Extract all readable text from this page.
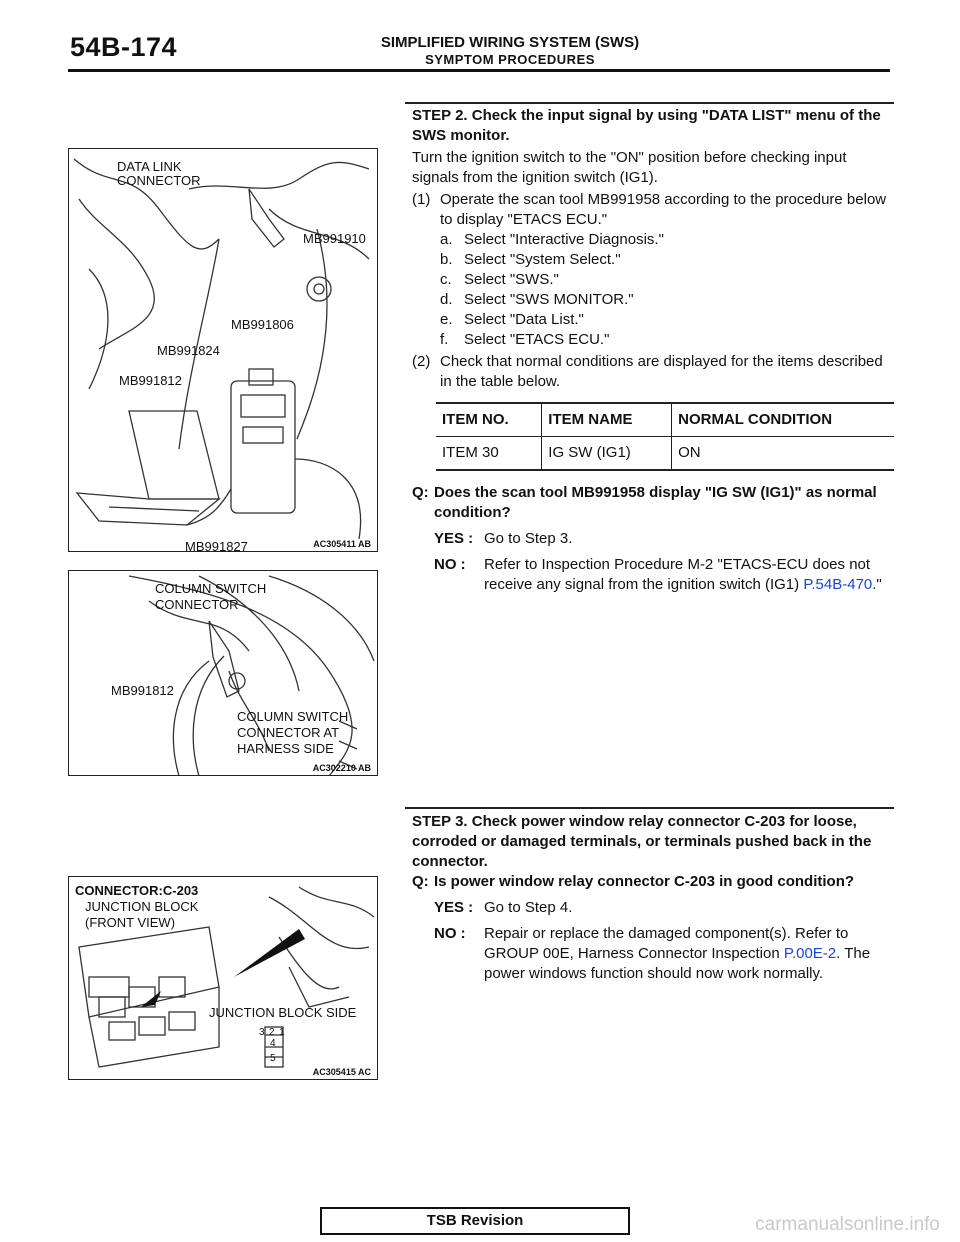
54B-174	SIMPLIFIED WIRING SYSTEM (SWS)
SYMPTOM PROCEDURES
DATA LINK
CONNECTOR
MB991910
MB991806
MB991824
MB991812
MB991827	AC305411 AB
COLUMN SWITCH
CONNECTOR
MB991812
COLUMN SWITCH
CONNECTOR AT
HARNESS SIDE
AC302210 AB
CONNECTOR:C-203
JUNCTION BLOCK
(FRONT VIEW)
JUNCTION BLOCK SIDE
3 2 1
4
5
AC305415 AC
STEP 2. Check the input signal by using "DATA LIST" menu of the SWS monitor.
Turn the ignition switch to the "ON" position before checking input signals from the ignition switch (IG1).
(1) Operate the scan tool MB991958 according to the procedure below to display "ETACS ECU."
a. Select "Interactive Diagnosis."
b. Select "System Select."
c. Select "SWS."
d. Select "SWS MONITOR."
e. Select "Data List."
f.	Select "ETACS ECU."
(2) Check that normal conditions are displayed for the items described in the table below.
ITEM NO.	ITEM NAME	NORMAL CONDITION
ITEM 30	IG SW (IG1)	ON
Q: Does the scan tool MB991958 display "IG SW (IG1)" as normal condition?
YES : Go to Step 3.
NO :	Refer to Inspection Procedure M-2 "ETACS-ECU does not receive any signal from the ignition switch (IG1) P.54B-470."
STEP 3. Check power window relay connector C-203 for loose, corroded or damaged terminals, or terminals pushed back in the connector.
Q: Is power window relay connector C-203 in good condition?
YES : Go to Step 4.
NO :	Repair or replace the damaged component(s). Refer to GROUP 00E, Harness Connector Inspection P.00E-2. The power windows function should now work normally.
TSB Revision	carmanualsonline.info
